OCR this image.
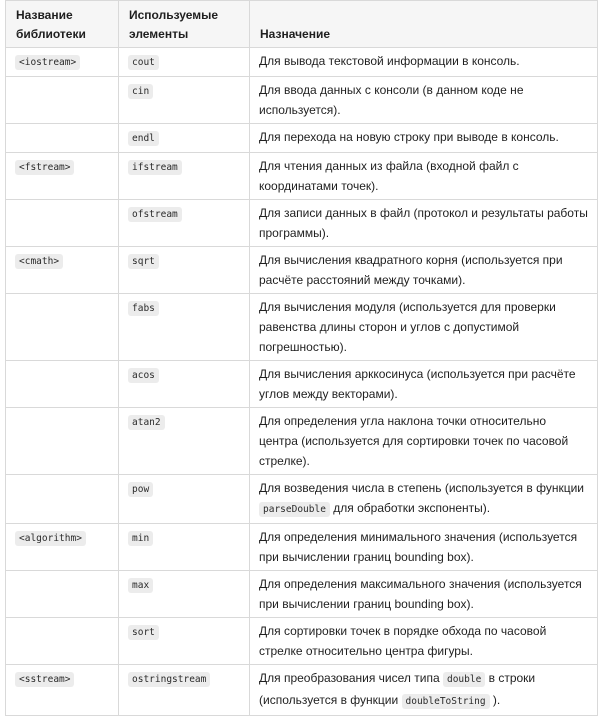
Название библиотеки	Используемые элементы	Назначение
<iostream>	cout	Для вывода текстовой информации в консоль.
	cin	Для ввода данных с консоли (в данном коде не используется).
	endl	Для перехода на новую строку при выводе в консоль.
<fstream>	ifstream	Для чтения данных из файла (входной файл с координатами точек).
	ofstream	Для записи данных в файл (протокол и результаты работы программы).
<cmath>	sqrt	Для вычисления квадратного корня (используется при расчёте расстояний между точками).
	fabs	Для вычисления модуля (используется для проверки равенства длины сторон и углов с допустимой погрешностью).
	acos	Для вычисления арккосинуса (используется при расчёте углов между векторами).
	atan2	Для определения угла наклона точки относительно центра (используется для сортировки точек по часовой стрелке).
	pow	Для возведения числа в степень (используется в функции parseDouble для обработки экспоненты).
<algorithm>	min	Для определения минимального значения (используется при вычислении границ bounding box).
	max	Для определения максимального значения (используется при вычислении границ bounding box).
	sort	Для сортировки точек в порядке обхода по часовой стрелке относительно центра фигуры.
<sstream>	ostringstream	Для преобразования чисел типа double в строки (используется в функции doubleToString ).
